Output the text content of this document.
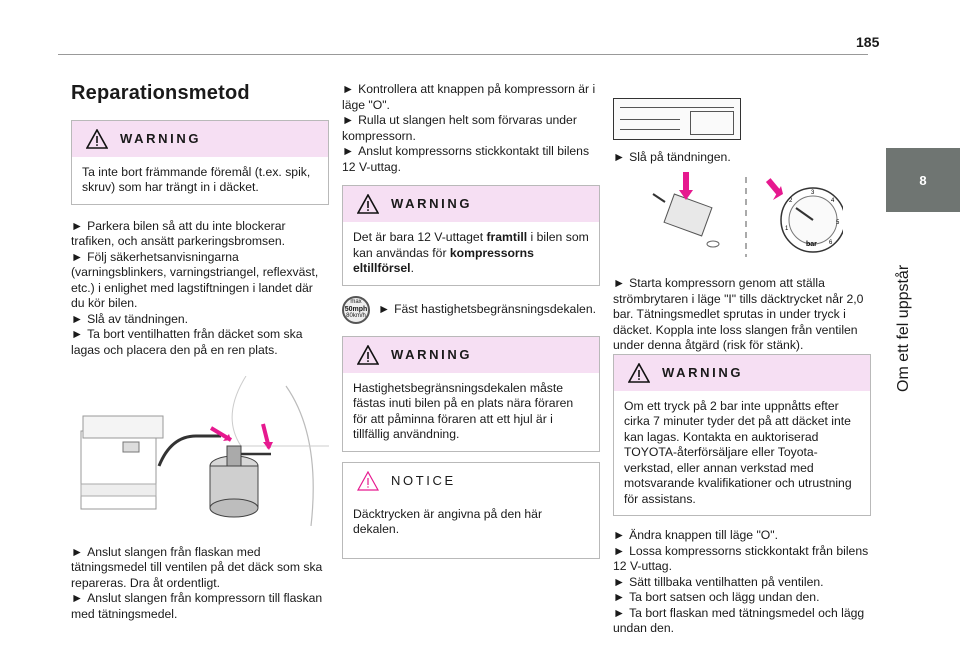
185
8
Om ett fel uppstår
Reparationsmetod
WARNING
Ta inte bort främmande föremål (t.ex. spik, skruv) som har trängt in i däcket.

► Parkera bilen så att du inte blockerar trafiken, och ansätt parkeringsbromsen.

► Följ säkerhetsanvisningarna (varningsblinkers, varningstriangel, reflexväst, etc.) i enlighet med lagstiftningen i landet där du kör bilen.

► Slå av tändningen.

► Ta bort ventilhatten från däcket som ska lagas och placera den på en ren plats.

► Anslut slangen från flaskan med tätningsmedel till ventilen på det däck som ska repareras. Dra åt ordentligt.

► Anslut slangen från kompressorn till flaskan med tätningsmedel.

► Kontrollera att knappen på kompressorn är i läge "O".

► Rulla ut slangen helt som förvaras under kompressorn.

► Anslut kompressorns stickkontakt till bilens 12 V-uttag.

WARNING
Det är bara 12 V-uttaget framtill i bilen som kan användas för kompressorns eltillförsel.
max
50mph
80km/h

► Fäst hastighetsbegränsningsdekalen.

WARNING
Hastighetsbegränsningsdekalen måste fästas inuti bilen på en plats nära föraren för att påminna föraren att ett hjul är i tillfällig användning.
NOTICE
Däcktrycken är angivna på den här dekalen.

► Slå på tändningen.

1
2
3
4
5
6
bar

► Starta kompressorn genom att ställa strömbrytaren i läge "I" tills däcktrycket når 2,0 bar. Tätningsmedlet sprutas in under tryck i däcket. Koppla inte loss slangen från ventilen under denna åtgärd (risk för stänk).

WARNING
Om ett tryck på 2 bar inte uppnåtts efter cirka 7 minuter tyder det på att däcket inte kan lagas. Kontakta en auktoriserad TOYOTA-återförsäljare eller Toyota-verkstad, eller annan verkstad med motsvarande kvalifikationer och utrustning för assistans.

► Ändra knappen till läge "O".

► Lossa kompressorns stickkontakt från bilens 12 V-uttag.

► Sätt tillbaka ventilhatten på ventilen.

► Ta bort satsen och lägg undan den.

► Ta bort flaskan med tätningsmedel och lägg undan den.
